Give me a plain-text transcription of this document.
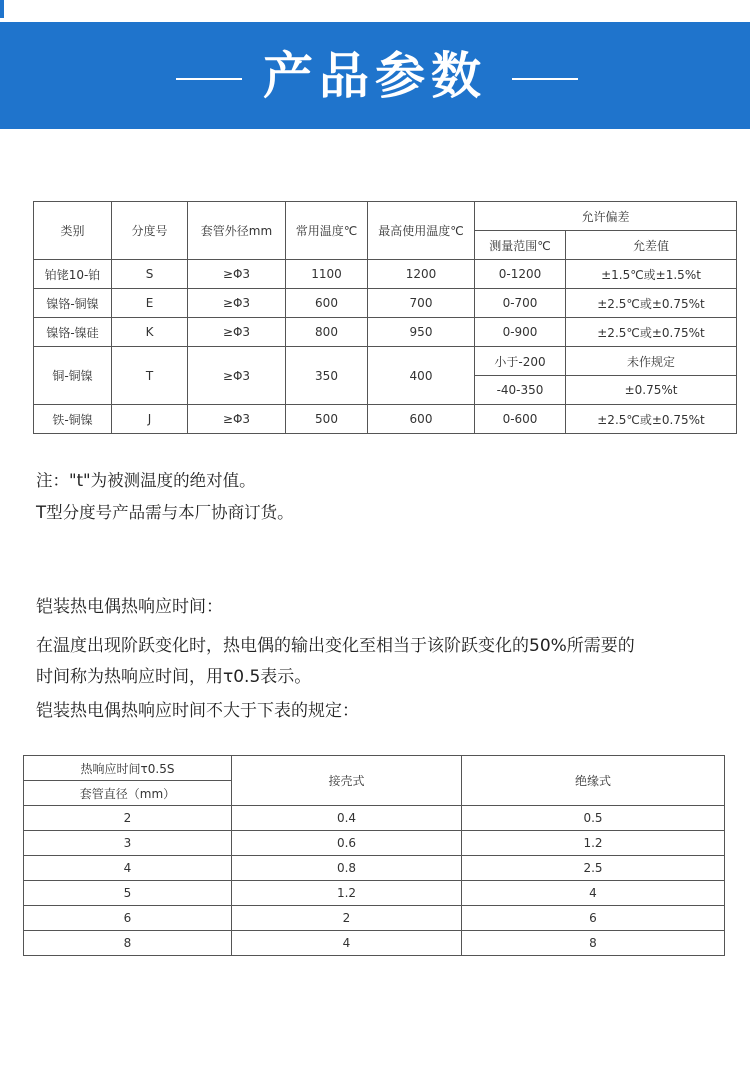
产品参数
类别	分度号	套管外径mm	常用温度℃	最高使用温度℃	允许偏差	
					测量范围℃	允差值
铂铑10-铂	S	≥Φ3	1100	1200	0-1200	±1.5℃或±1.5%t
镍铬-铜镍	E	≥Φ3	600	700	0-700	±2.5℃或±0.75%t
镍铬-镍硅	K	≥Φ3	800	950	0-900	±2.5℃或±0.75%t
铜-铜镍	T	≥Φ3	350	400	小于-200	未作规定
					-40-350	±0.75%t
铁-铜镍	J	≥Φ3	500	600	0-600	±2.5℃或±0.75%t
注："t"为被测温度的绝对值。
T型分度号产品需与本厂协商订货。
铠装热电偶热响应时间：
在温度出现阶跃变化时，热电偶的输出变化至相当于该阶跃变化的50%所需要的
时间称为热响应时间，用τ0.5表示。
铠装热电偶热响应时间不大于下表的规定：
热响应时间τ0.5S	接壳式	绝缘式
套管直径（mm）		
2	0.4	0.5
3	0.6	1.2
4	0.8	2.5
5	1.2	4
6	2	6
8	4	8
